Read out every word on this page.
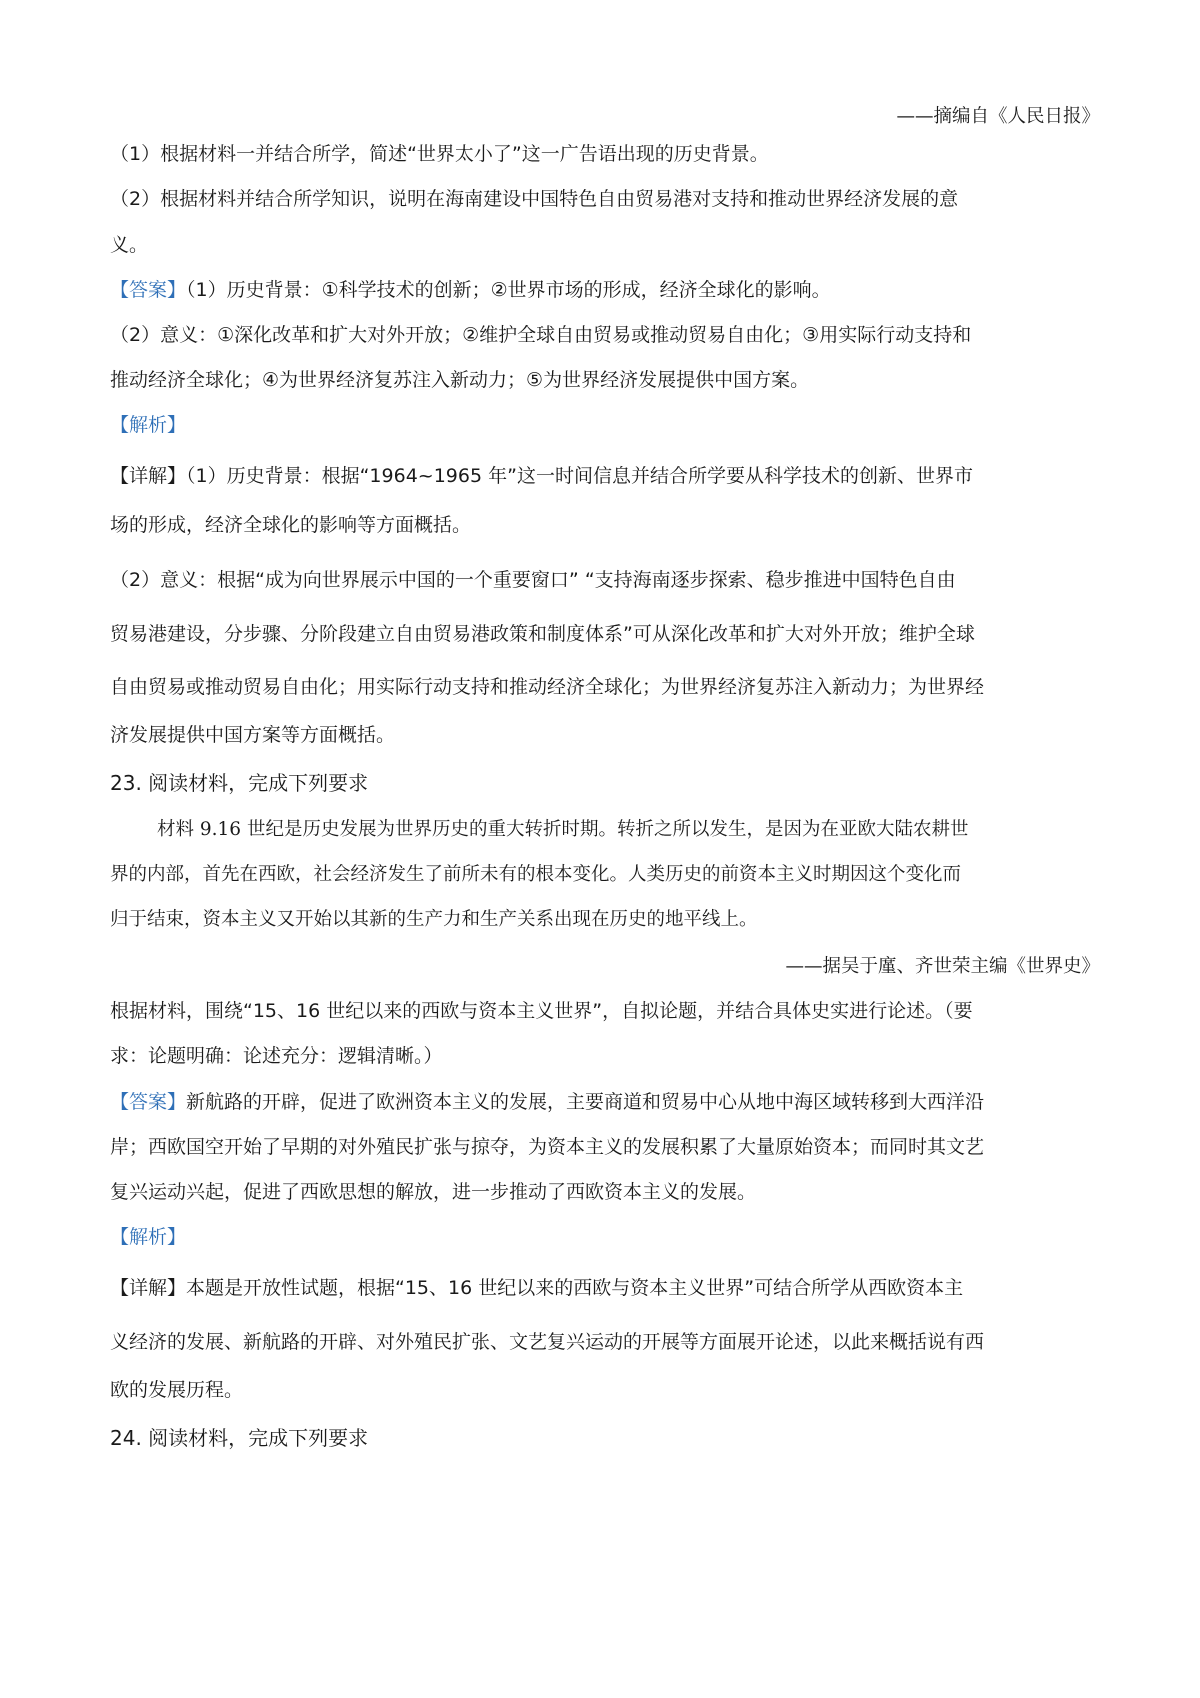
——摘编自《人民日报》
（1）根据材料一并结合所学，简述“世界太小了”这一广告语出现的历史背景。
（2）根据材料并结合所学知识，说明在海南建设中国特色自由贸易港对支持和推动世界经济发展的意
义。
【答案】（1）历史背景：①科学技术的创新；②世界市场的形成，经济全球化的影响。
（2）意义：①深化改革和扩大对外开放；②维护全球自由贸易或推动贸易自由化；③用实际行动支持和
推动经济全球化；④为世界经济复苏注入新动力；⑤为世界经济发展提供中国方案。
【解析】
【详解】（1）历史背景：根据“1964~1965 年”这一时间信息并结合所学要从科学技术的创新、世界市
场的形成，经济全球化的影响等方面概括。
（2）意义：根据“成为向世界展示中国的一个重要窗口” “支持海南逐步探索、稳步推进中国特色自由
贸易港建设，分步骤、分阶段建立自由贸易港政策和制度体系”可从深化改革和扩大对外开放；维护全球
自由贸易或推动贸易自由化；用实际行动支持和推动经济全球化；为世界经济复苏注入新动力；为世界经
济发展提供中国方案等方面概括。
23. 阅读材料，完成下列要求
材料 9.16 世纪是历史发展为世界历史的重大转折时期。转折之所以发生，是因为在亚欧大陆农耕世
界的内部，首先在西欧，社会经济发生了前所未有的根本变化。人类历史的前资本主义时期因这个变化而
归于结束，资本主义又开始以其新的生产力和生产关系出现在历史的地平线上。
——据吴于廑、齐世荣主编《世界史》
根据材料，围绕“15、16 世纪以来的西欧与资本主义世界”，自拟论题，并结合具体史实进行论述。（要
求：论题明确：论述充分：逻辑清晰。）
【答案】新航路的开辟，促进了欧洲资本主义的发展，主要商道和贸易中心从地中海区域转移到大西洋沿
岸；西欧国空开始了早期的对外殖民扩张与掠夺，为资本主义的发展积累了大量原始资本；而同时其文艺
复兴运动兴起，促进了西欧思想的解放，进一步推动了西欧资本主义的发展。
【解析】
【详解】本题是开放性试题，根据“15、16 世纪以来的西欧与资本主义世界”可结合所学从西欧资本主
义经济的发展、新航路的开辟、对外殖民扩张、文艺复兴运动的开展等方面展开论述，以此来概括说有西
欧的发展历程。
24. 阅读材料，完成下列要求
